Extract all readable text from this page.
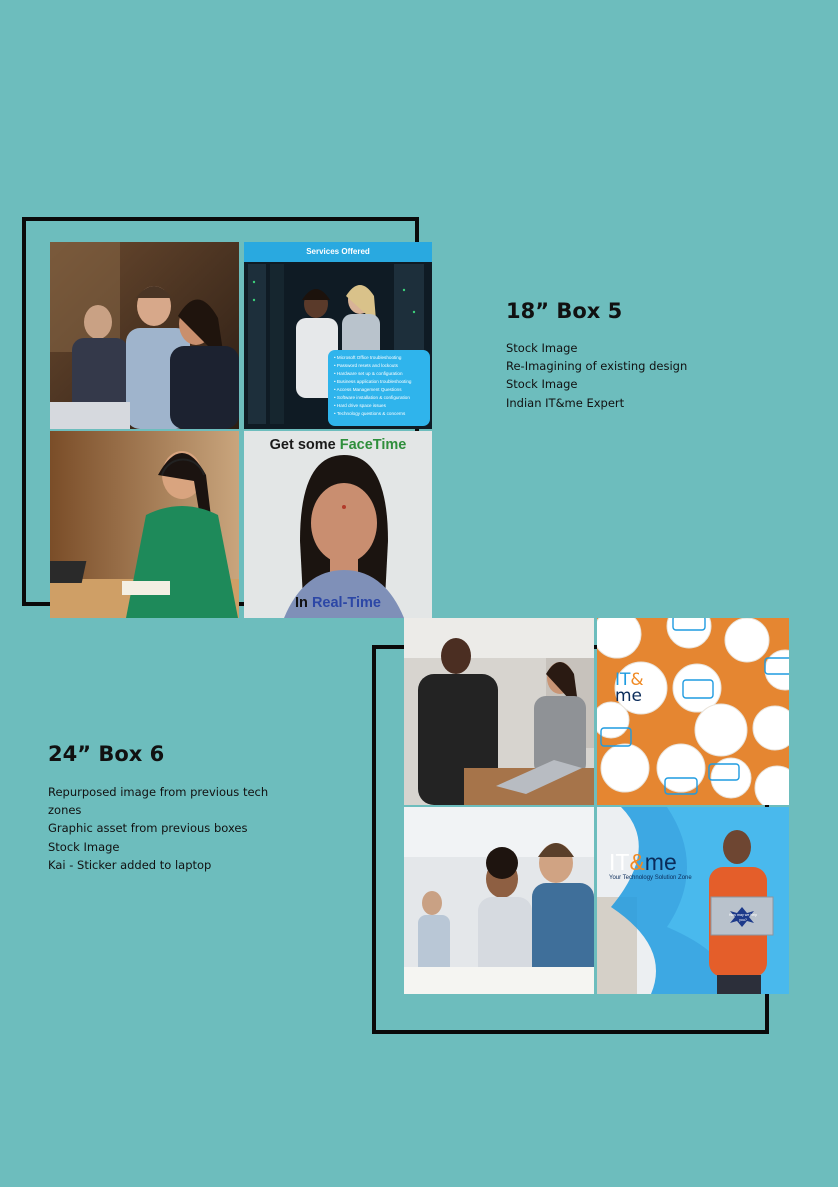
Services Offered
• Microsoft Office troubleshooting
• Password resets and lockouts
• Hardware set up & configuration
• Business application troubleshooting
• Access Management Questions
• Software installation & configuration
• Hard drive space issues
• Technology questions & concerns
Get some FaceTime
In Real-Time
18” Box 5
Stock Image
Re-Imagining of existing design
Stock Image
Indian IT&me Expert
IT&
me
IT&me
Your Technology Solution Zone
How may we help you?
24” Box 6
Repurposed image from previous tech zones
Graphic asset from previous boxes
Stock Image
Kai - Sticker added to laptop
